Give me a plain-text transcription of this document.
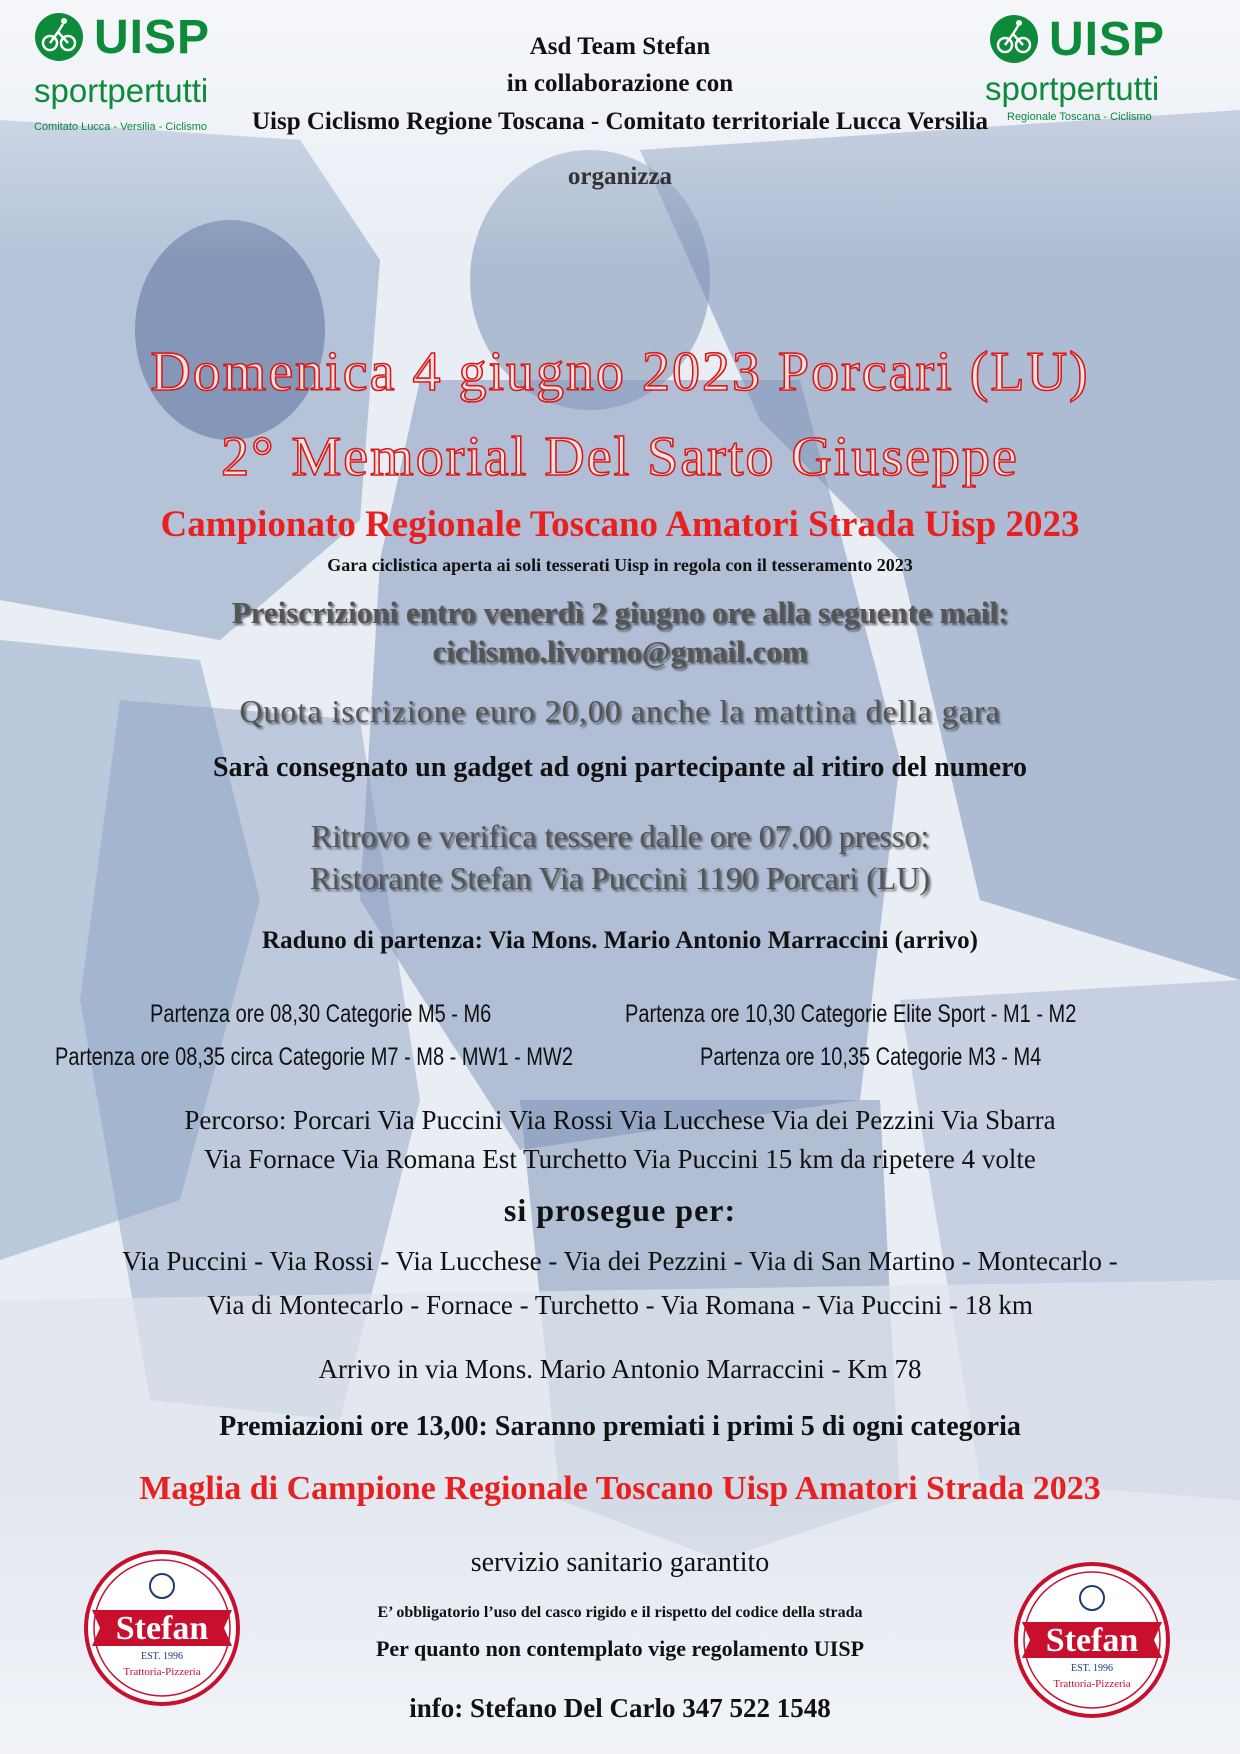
UISP
sportpertutti
Comitato Lucca - Versilia - Ciclismo
UISP
sportpertutti
Regionale Toscana - Ciclismo
Asd Team Stefan
in collaborazione con
Uisp Ciclismo Regione Toscana - Comitato territoriale Lucca Versilia
organizza
Domenica 4 giugno 2023 Porcari (LU)
2° Memorial Del Sarto Giuseppe
Campionato Regionale Toscano Amatori Strada Uisp 2023
Gara ciclistica aperta ai soli tesserati Uisp in regola con il tesseramento 2023
Preiscrizioni entro venerdì 2 giugno ore alla seguente mail:
ciclismo.livorno@gmail.com
Quota iscrizione euro 20,00 anche la mattina della gara
Sarà consegnato un gadget ad ogni partecipante al ritiro del numero
Ritrovo e verifica tessere dalle ore 07.00 presso:
Ristorante Stefan Via Puccini 1190 Porcari (LU)
Raduno di partenza: Via Mons. Mario Antonio Marraccini (arrivo)
Partenza ore 08,30 Categorie M5 - M6
Partenza ore 08,35 circa Categorie M7 - M8 - MW1 - MW2
Partenza ore 10,30 Categorie Elite Sport - M1 - M2
Partenza ore 10,35 Categorie M3 - M4
Percorso: Porcari Via Puccini Via Rossi Via Lucchese Via dei Pezzini Via Sbarra
Via Fornace Via Romana Est Turchetto Via Puccini 15 km da ripetere 4 volte
si prosegue per:
Via Puccini - Via Rossi - Via Lucchese - Via dei Pezzini - Via di San Martino - Montecarlo -
Via di Montecarlo - Fornace - Turchetto - Via Romana - Via Puccini - 18 km
Arrivo in via Mons. Mario Antonio Marraccini - Km 78
Premiazioni ore 13,00: Saranno premiati i primi 5 di ogni categoria
Maglia di Campione Regionale Toscano Uisp Amatori Strada 2023
servizio sanitario garantito
E’ obbligatorio l’uso del casco rigido e il rispetto del codice della strada
Per quanto non contemplato vige regolamento UISP
info: Stefano Del Carlo 347 522 1548
Stefan
EST. 1996
Trattoria-Pizzeria
Stefan
EST. 1996
Trattoria-Pizzeria
